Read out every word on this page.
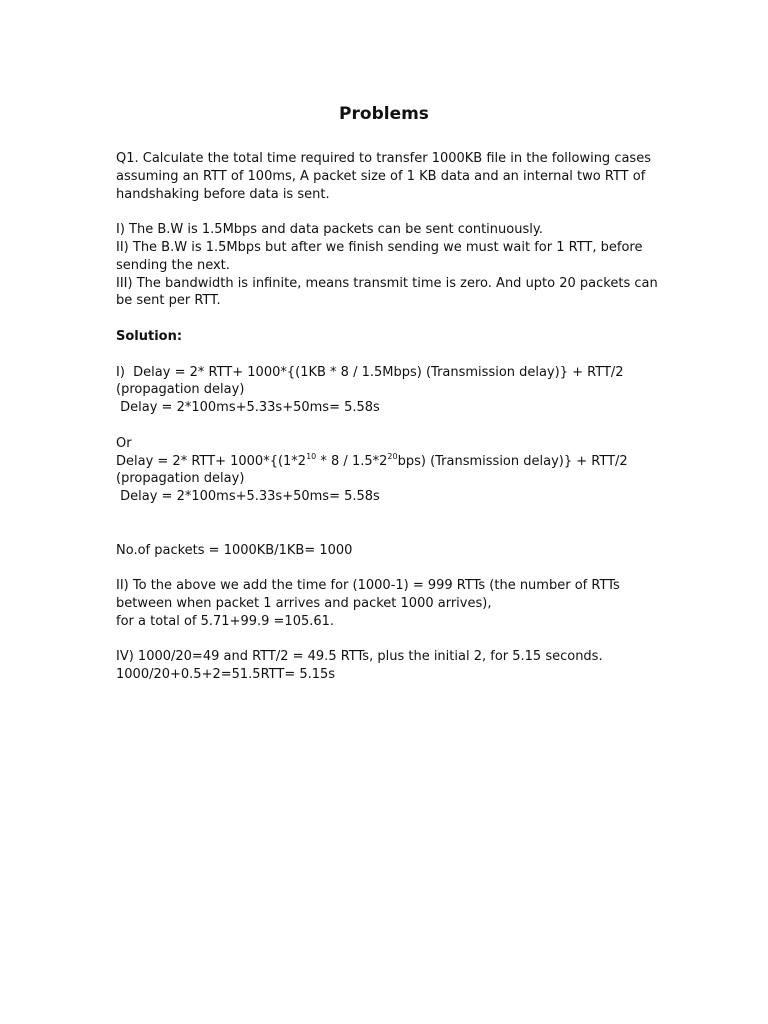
Problems
Q1. Calculate the total time required to transfer 1000KB file in the following cases
assuming an RTT of 100ms, A packet size of 1 KB data and an internal two RTT of
handshaking before data is sent.
I) The B.W is 1.5Mbps and data packets can be sent continuously.
II) The B.W is 1.5Mbps but after we finish sending we must wait for 1 RTT, before
sending the next.
III) The bandwidth is infinite, means transmit time is zero. And upto 20 packets can
be sent per RTT.
Solution:
I)  Delay = 2* RTT+ 1000*{(1KB * 8 / 1.5Mbps) (Transmission delay)} + RTT/2
(propagation delay)
Delay = 2*100ms+5.33s+50ms= 5.58s
Or
Delay = 2* $RTT+ 1000*\{(1*2^{10} * 8 / 1.5*2^{20}bps)$ (Transmission delay)} + RTT/2
(propagation delay)
Delay = 2*100ms+5.33s+50ms= 5.58s
No.of packets = 1000KB/1KB= 1000
II) To the above we add the time for (1000-1) = 999 RTTs (the number of RTTs
between when packet 1 arrives and packet 1000 arrives),
for a total of 5.71+99.9 =105.61.
IV) 1000/20=49 and RTT/2 = 49.5 RTTs, plus the initial 2, for 5.15 seconds.
1000/20+0.5+2=51.5RTT= 5.15s
